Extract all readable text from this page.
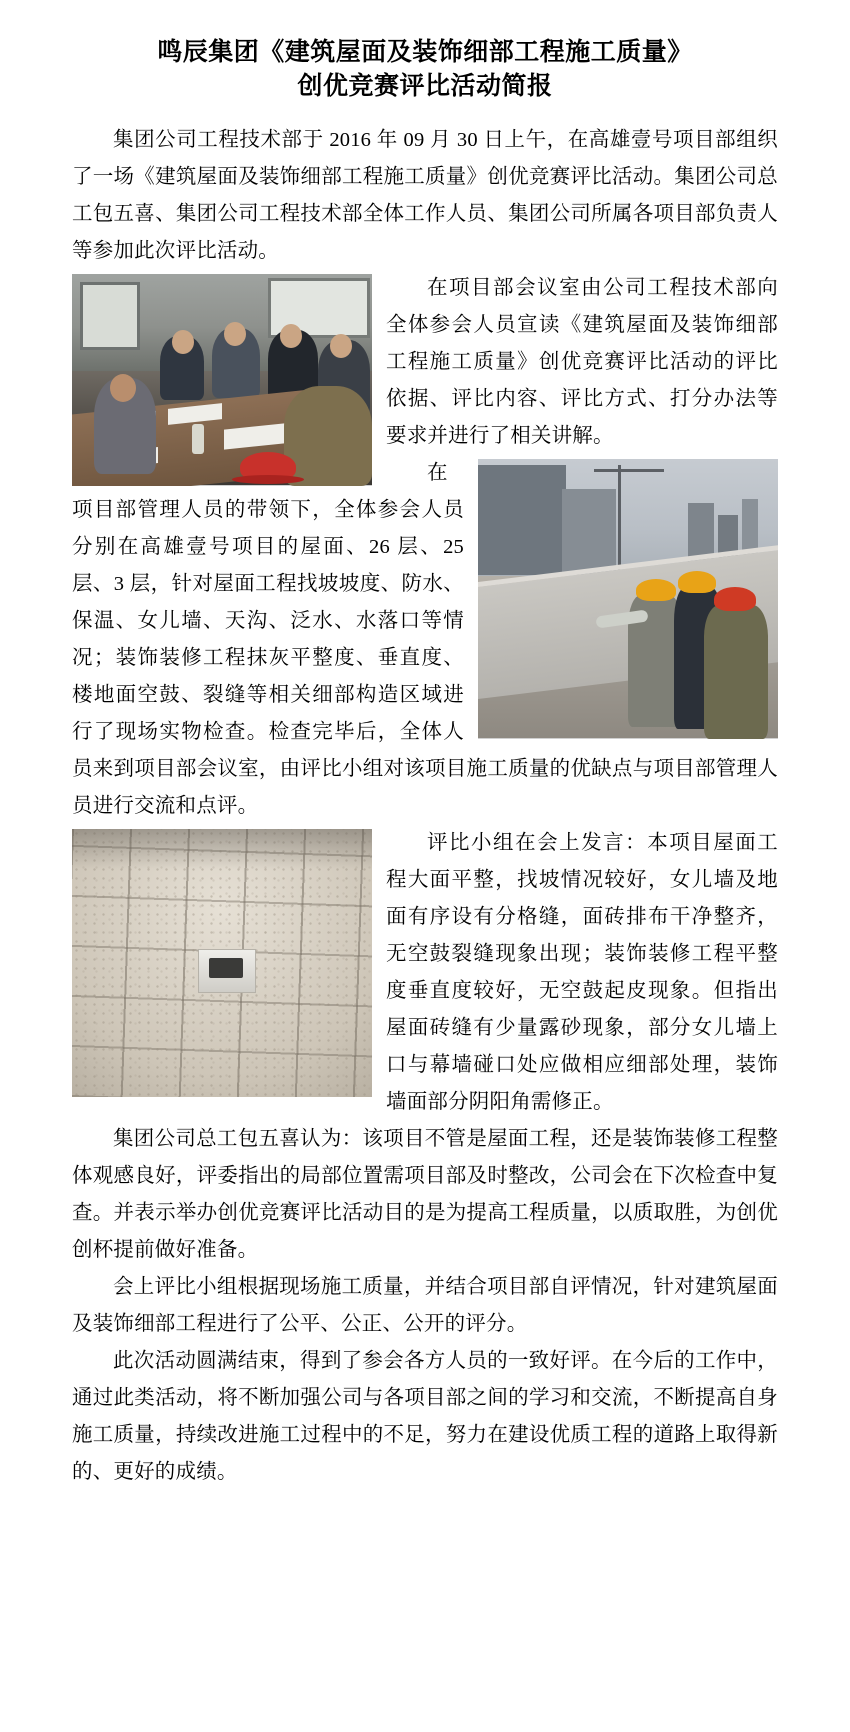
鸣辰集团《建筑屋面及装饰细部工程施工质量》
创优竞赛评比活动简报

集团公司工程技术部于 2016 年 09 月 30 日上午，在高雄壹号项目部组织了一场《建筑屋面及装饰细部工程施工质量》创优竞赛评比活动。集团公司总工包五喜、集团公司工程技术部全体工作人员、集团公司所属各项目部负责人等参加此次评比活动。

在项目部会议室由公司工程技术部向全体参会人员宣读《建筑屋面及装饰细部工程施工质量》创优竞赛评比活动的评比依据、评比内容、评比方式、打分办法等要求并进行了相关讲解。

在项目部管理人员的带领下，全体参会人员分别在高雄壹号项目的屋面、26 层、25 层、3 层，针对屋面工程找坡坡度、防水、保温、女儿墙、天沟、泛水、水落口等情况；装饰装修工程抹灰平整度、垂直度、楼地面空鼓、裂缝等相关细部构造区域进行了现场实物检查。检查完毕后，全体人员来到项目部会议室，由评比小组对该项目施工质量的优缺点与项目部管理人员进行交流和点评。

评比小组在会上发言：本项目屋面工程大面平整，找坡情况较好，女儿墙及地面有序设有分格缝，面砖排布干净整齐，无空鼓裂缝现象出现；装饰装修工程平整度垂直度较好，无空鼓起皮现象。但指出屋面砖缝有少量露砂现象，部分女儿墙上口与幕墙碰口处应做相应细部处理，装饰墙面部分阴阳角需修正。

集团公司总工包五喜认为：该项目不管是屋面工程，还是装饰装修工程整体观感良好，评委指出的局部位置需项目部及时整改，公司会在下次检查中复查。并表示举办创优竞赛评比活动目的是为提高工程质量，以质取胜，为创优创杯提前做好准备。

会上评比小组根据现场施工质量，并结合项目部自评情况，针对建筑屋面及装饰细部工程进行了公平、公正、公开的评分。

此次活动圆满结束，得到了参会各方人员的一致好评。在今后的工作中，通过此类活动，将不断加强公司与各项目部之间的学习和交流，不断提高自身施工质量，持续改进施工过程中的不足，努力在建设优质工程的道路上取得新的、更好的成绩。
